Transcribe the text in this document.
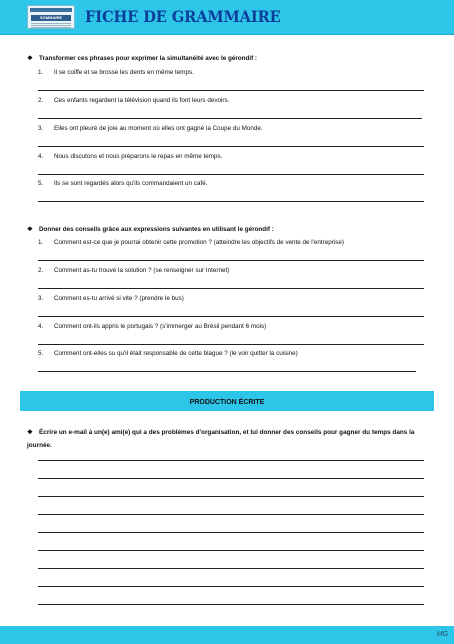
SOMMAIRE	FICHE DE GRAMMAIRE
❖ Transformer ces phrases pour exprimer la simultanéité avec le gérondif :
1. Il se coiffe et se brosse les dents en même temps.
2. Ces enfants regardent la télévision quand ils font leurs devoirs.
3. Elles ont pleuré de joie au moment où elles ont gagné la Coupe du Monde.
4. Nous discutons et nous préparons le repas en même temps.
5. Ils se sont regardés alors qu'ils commandaient un café.
❖ Donner des conseils grâce aux expressions suivantes en utilisant le gérondif :
1. Comment est-ce que je pourrai obtenir cette promotion ? (atteindre les objectifs de vente de l'entreprise)
2. Comment as-tu trouvé la solution ? (se renseigner sur Internet)
3. Comment es-tu arrivé si vite ? (prendre le bus)
4. Comment ont-ils appris le portugais ? (s'immerger au Brésil pendant 6 mois)
5. Comment ont-elles su qu'il était responsable de cette blague ? (le voir quitter la cuisine)
PRODUCTION ÉCRITE
❖ Écrire un e-mail à un(e) ami(e) qui a des problèmes d'organisation, et lui donner des conseils pour gagner du temps dans la journée.
MG
